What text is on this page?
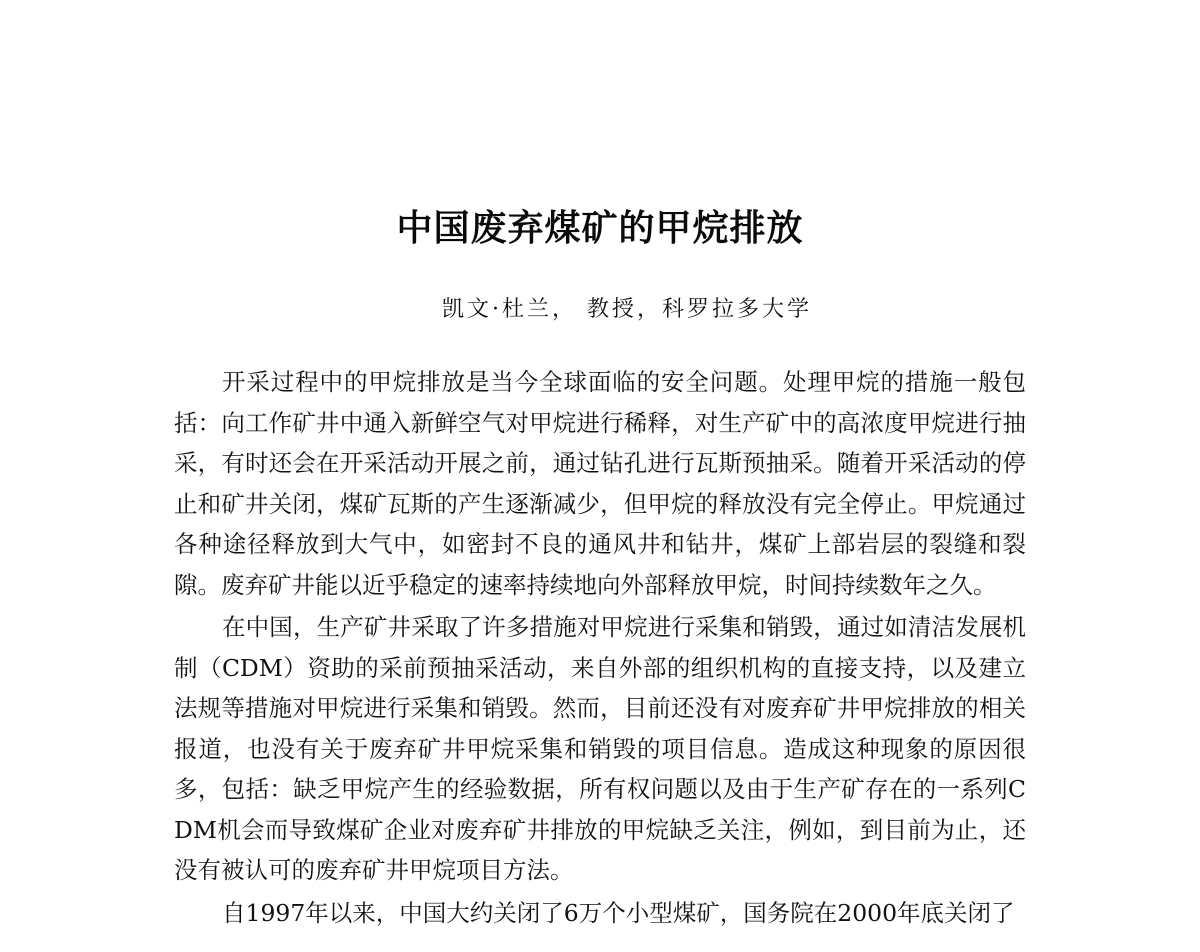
中国废弃煤矿的甲烷排放

凯文·杜兰， 教授，科罗拉多大学

开采过程中的甲烷排放是当今全球面临的安全问题。处理甲烷的措施一般包括：向工作矿井中通入新鲜空气对甲烷进行稀释，对生产矿中的高浓度甲烷进行抽采，有时还会在开采活动开展之前，通过钻孔进行瓦斯预抽采。随着开采活动的停止和矿井关闭，煤矿瓦斯的产生逐渐减少，但甲烷的释放没有完全停止。甲烷通过各种途径释放到大气中，如密封不良的通风井和钻井，煤矿上部岩层的裂缝和裂隙。废弃矿井能以近乎稳定的速率持续地向外部释放甲烷，时间持续数年之久。

在中国，生产矿井采取了许多措施对甲烷进行采集和销毁，通过如清洁发展机制（CDM）资助的采前预抽采活动，来自外部的组织机构的直接支持，以及建立法规等措施对甲烷进行采集和销毁。然而，目前还没有对废弃矿井甲烷排放的相关报道，也没有关于废弃矿井甲烷采集和销毁的项目信息。造成这种现象的原因很多，包括：缺乏甲烷产生的经验数据，所有权问题以及由于生产矿存在的一系列CDM机会而导致煤矿企业对废弃矿井排放的甲烷缺乏关注，例如，到目前为止，还没有被认可的废弃矿井甲烷项目方法。

自1997年以来，中国大约关闭了6万个小型煤矿，国务院在2000年底关闭了
